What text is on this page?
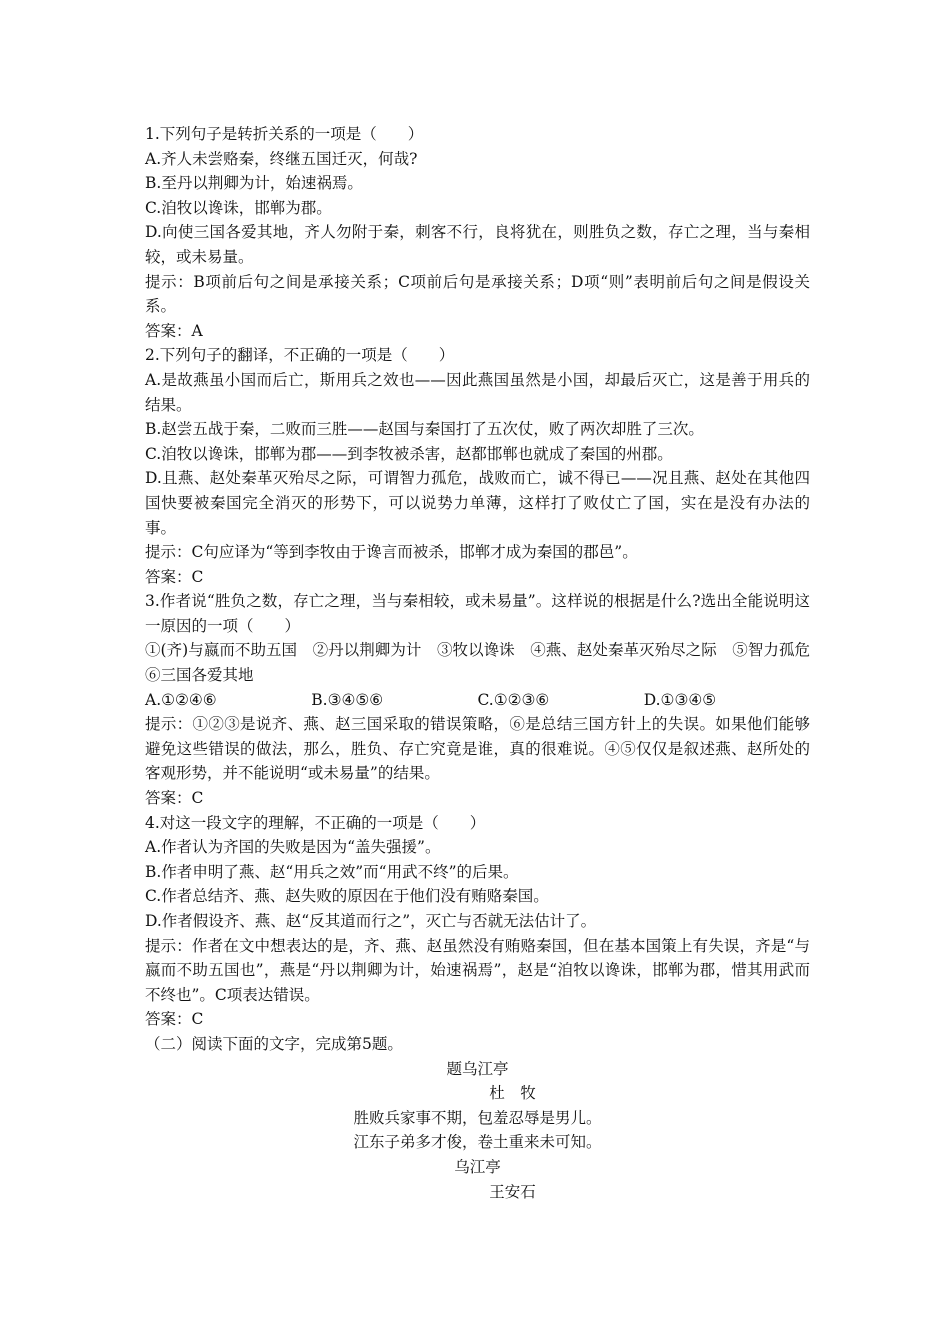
1.下列句子是转折关系的一项是（　　）

A.齐人未尝赂秦，终继五国迁灭，何哉?

B.至丹以荆卿为计，始速祸焉。

C.洎牧以谗诛，邯郸为郡。

D.向使三国各爱其地，齐人勿附于秦，刺客不行，良将犹在，则胜负之数，存亡之理，当与秦相较，或未易量。

提示：B项前后句之间是承接关系；C项前后句是承接关系；D项“则”表明前后句之间是假设关系。

答案：A

2.下列句子的翻译，不正确的一项是（　　）

A.是故燕虽小国而后亡，斯用兵之效也——因此燕国虽然是小国，却最后灭亡，这是善于用兵的结果。

B.赵尝五战于秦，二败而三胜——赵国与秦国打了五次仗，败了两次却胜了三次。

C.洎牧以谗诛，邯郸为郡——到李牧被杀害，赵都邯郸也就成了秦国的州郡。

D.且燕、赵处秦革灭殆尽之际，可谓智力孤危，战败而亡，诚不得已——况且燕、赵处在其他四国快要被秦国完全消灭的形势下，可以说势力单薄，这样打了败仗亡了国，实在是没有办法的事。

提示：C句应译为“等到李牧由于谗言而被杀，邯郸才成为秦国的郡邑”。

答案：C

3.作者说“胜负之数，存亡之理，当与秦相较，或未易量”。这样说的根据是什么?选出全能说明这一原因的一项（　　）

①(齐)与嬴而不助五国　②丹以荆卿为计　③牧以谗诛　④燕、赵处秦革灭殆尽之际　⑤智力孤危　⑥三国各爱其地

A.①②④⑥	B.③④⑤⑥	C.①②③⑥	D.①③④⑤

提示：①②③是说齐、燕、赵三国采取的错误策略，⑥是总结三国方针上的失误。如果他们能够避免这些错误的做法，那么，胜负、存亡究竟是谁，真的很难说。④⑤仅仅是叙述燕、赵所处的客观形势，并不能说明“或未易量”的结果。

答案：C

4.对这一段文字的理解，不正确的一项是（　　）

A.作者认为齐国的失败是因为“盖失强援”。

B.作者申明了燕、赵“用兵之效”而“用武不终”的后果。

C.作者总结齐、燕、赵失败的原因在于他们没有贿赂秦国。

D.作者假设齐、燕、赵“反其道而行之”，灭亡与否就无法估计了。

提示：作者在文中想表达的是，齐、燕、赵虽然没有贿赂秦国，但在基本国策上有失误，齐是“与嬴而不助五国也”，燕是“丹以荆卿为计，始速祸焉”，赵是“洎牧以谗诛，邯郸为郡，惜其用武而不终也”。C项表达错误。

答案：C

（二）阅读下面的文字，完成第5题。

题乌江亭

杜　牧

胜败兵家事不期，包羞忍辱是男儿。

江东子弟多才俊，卷土重来未可知。

乌江亭

王安石
